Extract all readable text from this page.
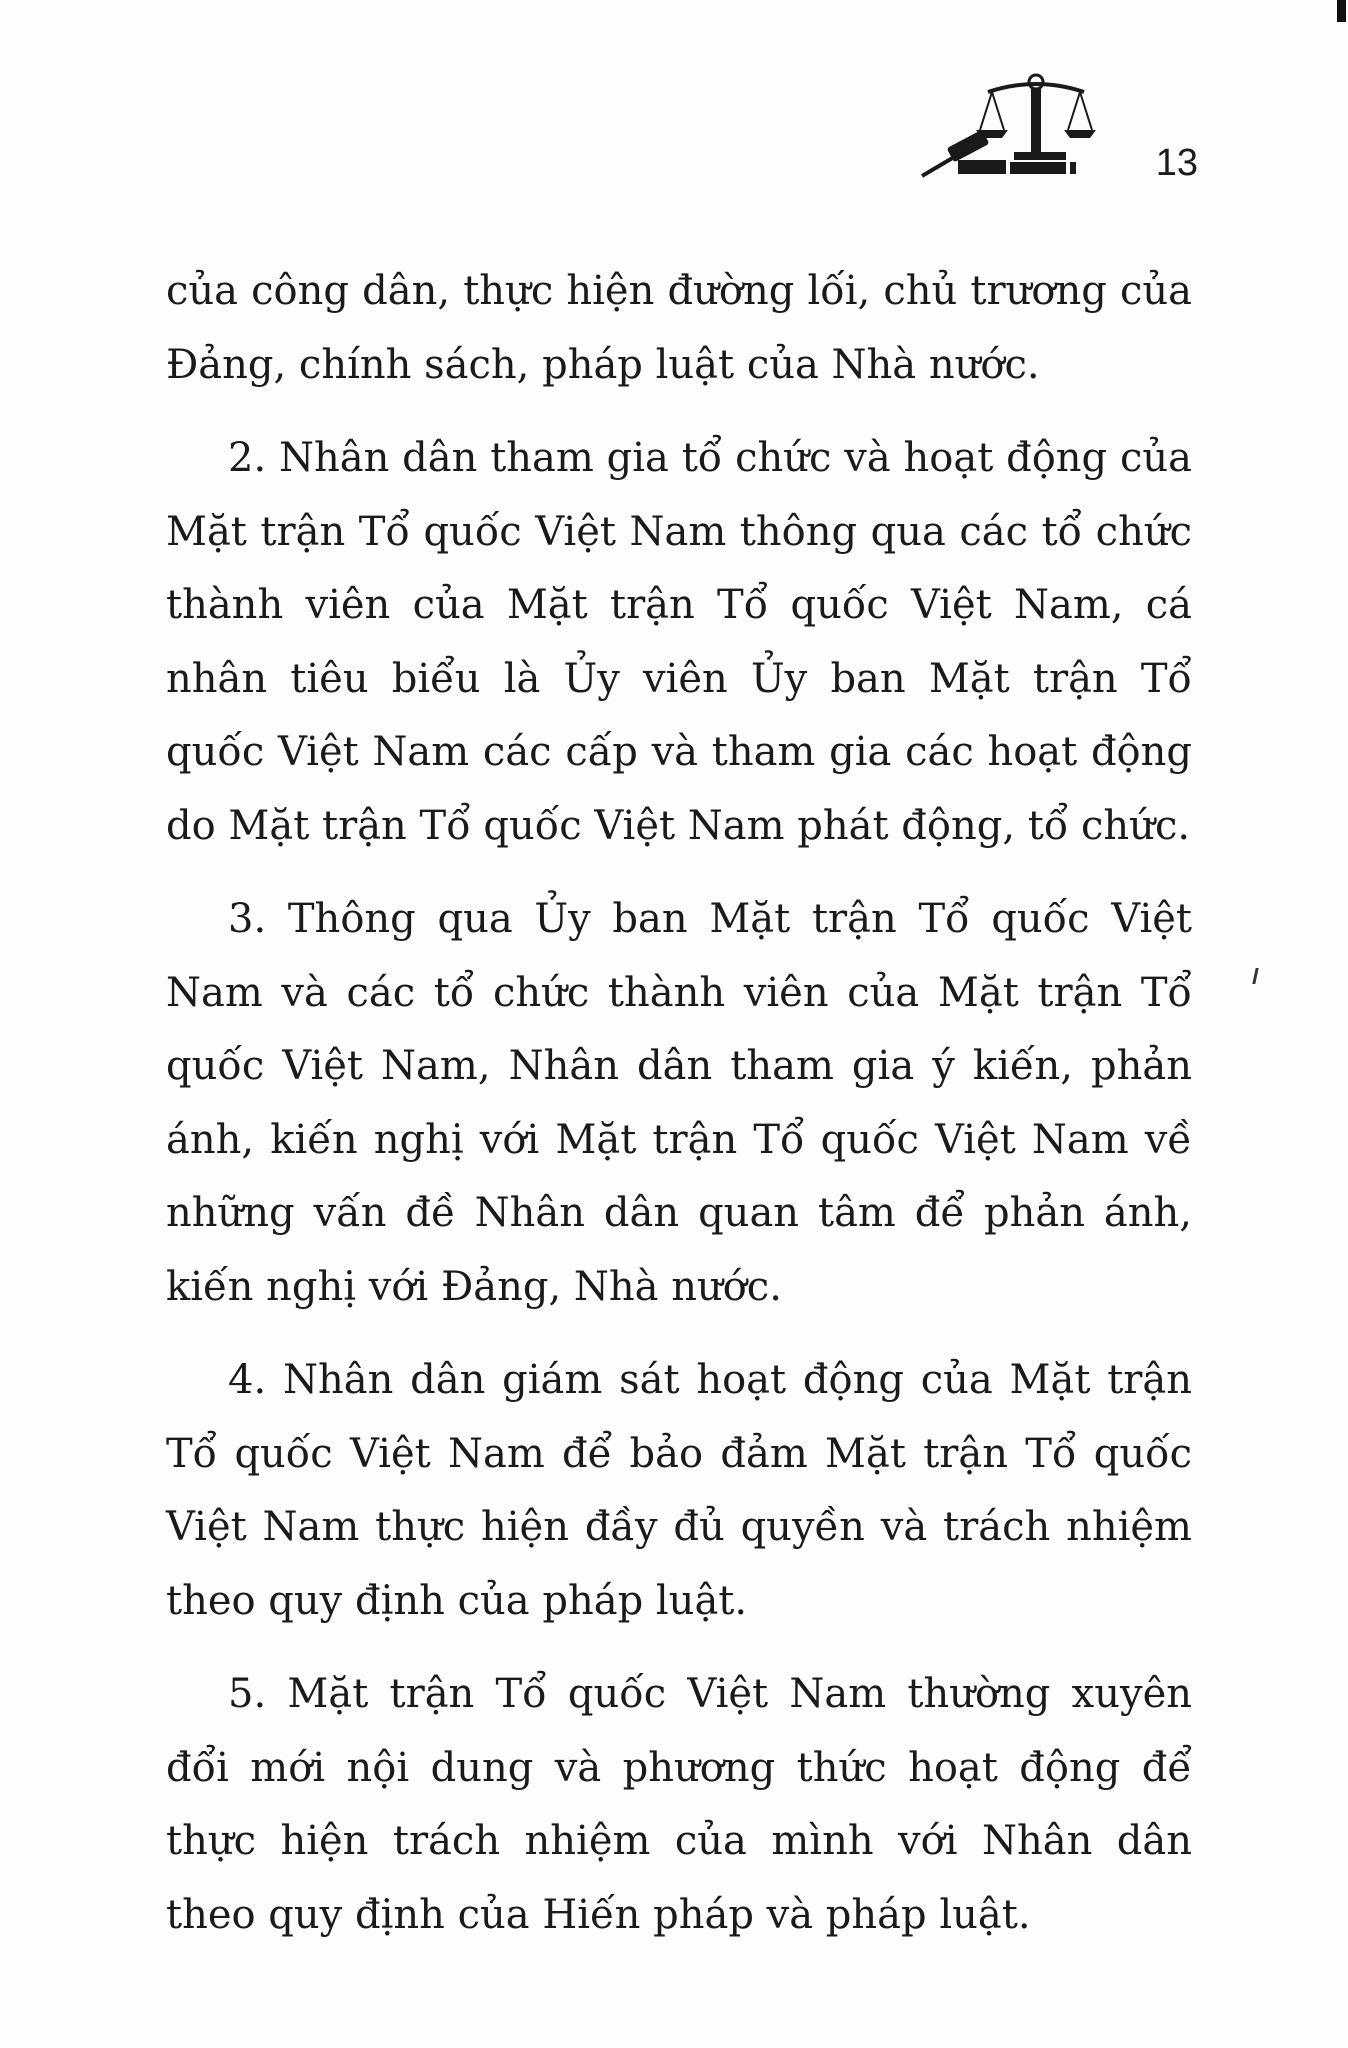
13

của công dân, thực hiện đường lối, chủ trương của Đảng, chính sách, pháp luật của Nhà nước.

2. Nhân dân tham gia tổ chức và hoạt động của Mặt trận Tổ quốc Việt Nam thông qua các tổ chức thành viên của Mặt trận Tổ quốc Việt Nam, cá nhân tiêu biểu là Ủy viên Ủy ban Mặt trận Tổ quốc Việt Nam các cấp và tham gia các hoạt động do Mặt trận Tổ quốc Việt Nam phát động, tổ chức.

3. Thông qua Ủy ban Mặt trận Tổ quốc Việt Nam và các tổ chức thành viên của Mặt trận Tổ quốc Việt Nam, Nhân dân tham gia ý kiến, phản ánh, kiến nghị với Mặt trận Tổ quốc Việt Nam về những vấn đề Nhân dân quan tâm để phản ánh, kiến nghị với Đảng, Nhà nước.

4. Nhân dân giám sát hoạt động của Mặt trận Tổ quốc Việt Nam để bảo đảm Mặt trận Tổ quốc Việt Nam thực hiện đầy đủ quyền và trách nhiệm theo quy định của pháp luật.

5. Mặt trận Tổ quốc Việt Nam thường xuyên đổi mới nội dung và phương thức hoạt động để thực hiện trách nhiệm của mình với Nhân dân theo quy định của Hiến pháp và pháp luật.
